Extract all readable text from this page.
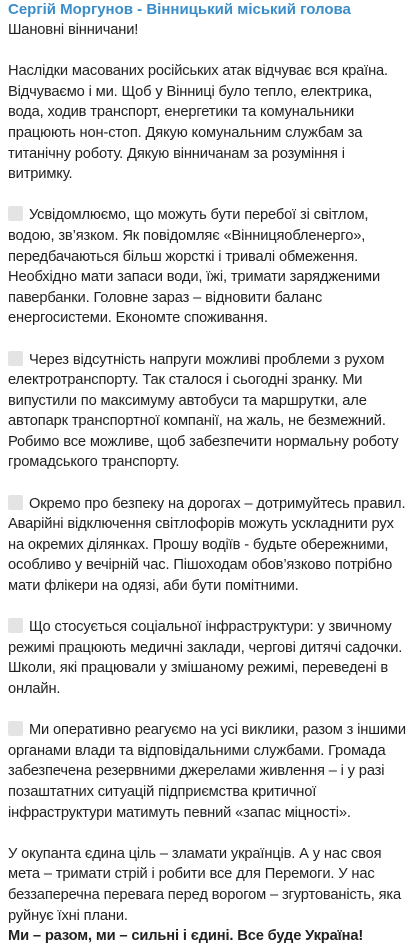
Сергій Моргунов - Вінницький міський голова

Шановні вінничани!

Наслідки масованих російських атак відчуває вся країна. Відчуваємо і ми. Щоб у Вінниці було тепло, електрика, вода, ходив транспорт, енергетики та комунальники працюють нон-стоп. Дякую комунальним службам за титанічну роботу. Дякую вінничанам за розуміння і витримку.

Усвідомлюємо, що можуть бути перебої зі світлом, водою, зв’язком. Як повідомляє «Вінницяобленерго», передбачаються більш жорсткі і тривалі обмеження. Необхідно мати запаси води, їжі, тримати зарядженими павербанки. Головне зараз – відновити баланс енергосистеми. Економте споживання.

Через відсутність напруги можливі проблеми з рухом електротранспорту. Так сталося і сьогодні зранку. Ми випустили по максимуму автобуси та маршрутки, але автопарк транспортної компанії, на жаль, не безмежний. Робимо все можливе, щоб забезпечити нормальну роботу громадського транспорту.

Окремо про безпеку на дорогах – дотримуйтесь правил. Аварійні відключення світлофорів можуть ускладнити рух на окремих ділянках. Прошу водіїв - будьте обережними, особливо у вечірній час. Пішоходам обов’язково потрібно мати флікери на одязі, аби бути помітними.

Що стосується соціальної інфраструктури: у звичному режимі працюють медичні заклади, чергові дитячі садочки. Школи, які працювали у змішаному режимі, переведені в онлайн.

Ми оперативно реагуємо на усі виклики, разом з іншими органами влади та відповідальними службами. Громада забезпечена резервними джерелами живлення – і у разі позаштатних ситуацій підприємства критичної інфраструктури матимуть певний «запас міцності».

У окупанта єдина ціль – зламати українців. А у нас своя мета – тримати стрій і робити все для Перемоги. У нас беззаперечна перевага перед ворогом – згуртованість, яка руйнує їхні плани.

Ми – разом, ми – сильні і єдині. Все буде Україна!
